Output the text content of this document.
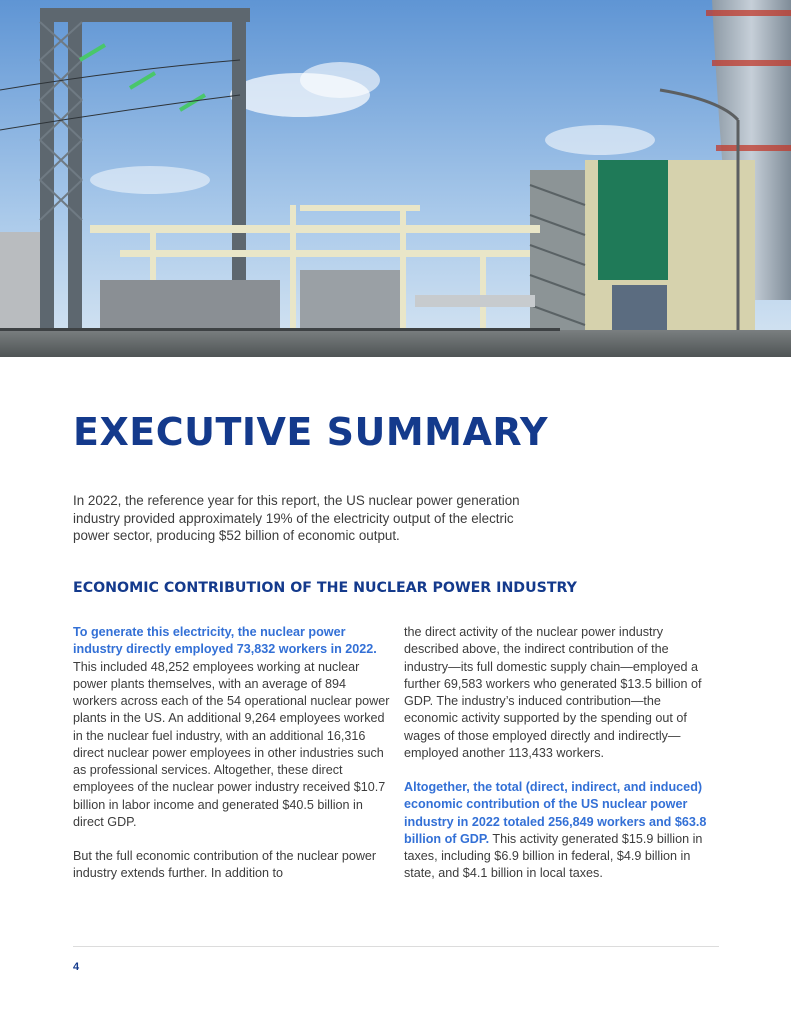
EXECUTIVE SUMMARY

In 2022, the reference year for this report, the US nuclear power generation industry provided approximately 19% of the electricity output of the electric power sector, producing $52 billion of economic output.

ECONOMIC CONTRIBUTION OF THE NUCLEAR POWER INDUSTRY

To generate this electricity, the nuclear power industry directly employed 73,832 workers in 2022. This included 48,252 employees working at nuclear power plants themselves, with an average of 894 workers across each of the 54 operational nuclear power plants in the US. An additional 9,264 employees worked in the nuclear fuel industry, with an additional 16,316 direct nuclear power employees in other industries such as professional services. Altogether, these direct employees of the nuclear power industry received $10.7 billion in labor income and generated $40.5 billion in direct GDP.

But the full economic contribution of the nuclear power industry extends further. In addition to

the direct activity of the nuclear power industry described above, the indirect contribution of the industry—its full domestic supply chain—employed a further 69,583 workers who generated $13.5 billion of GDP. The industry’s induced contribution—the economic activity supported by the spending out of wages of those employed directly and indirectly—employed another 113,433 workers.

Altogether, the total (direct, indirect, and induced) economic contribution of the US nuclear power industry in 2022 totaled 256,849 workers and $63.8 billion of GDP. This activity generated $15.9 billion in taxes, including $6.9 billion in federal, $4.9 billion in state, and $4.1 billion in local taxes.

4
